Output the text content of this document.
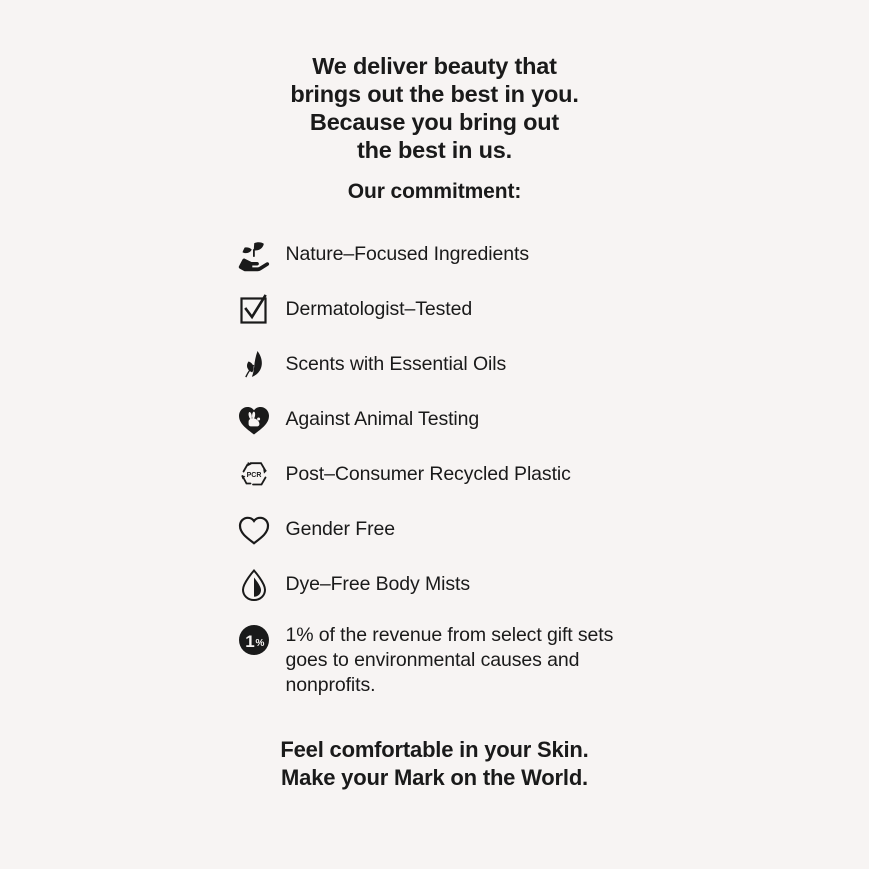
We deliver beauty that
brings out the best in you.
Because you bring out
the best in us.
Our commitment:
Nature–Focused Ingredients
Dermatologist–Tested
Scents with Essential Oils
Against Animal Testing
PCR Post–Consumer Recycled Plastic
Gender Free
Dye–Free Body Mists
1 % 1% of the revenue from select gift sets goes to environmental causes and nonprofits.
Feel comfortable in your Skin.
Make your Mark on the World.
